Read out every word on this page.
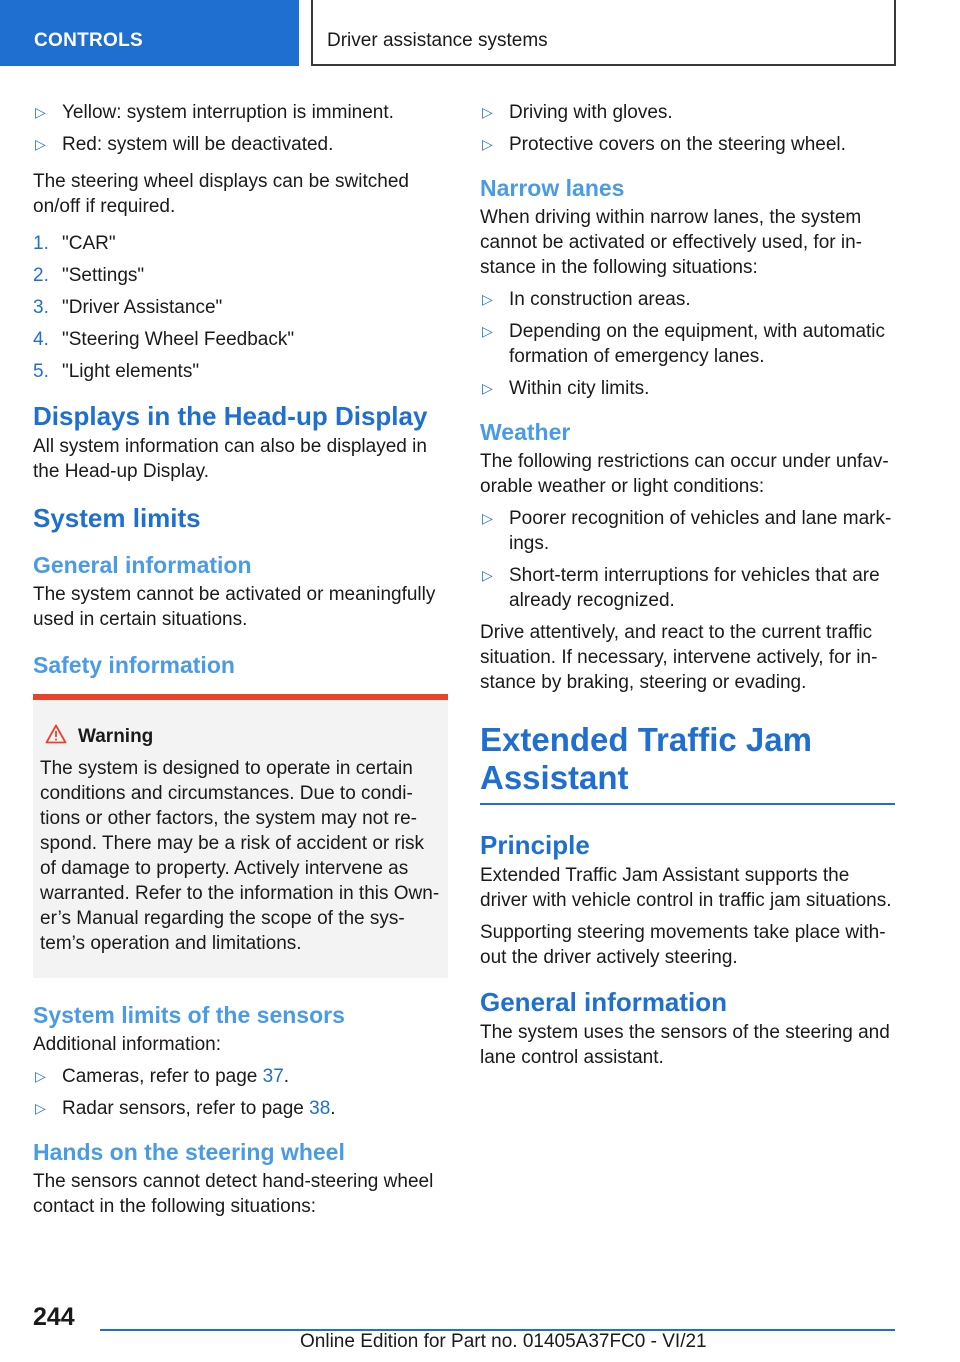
CONTROLS	Driver assistance systems
▷ Yellow: system interruption is imminent.
▷ Red: system will be deactivated.

The steering wheel displays can be switched on/off if required.

1. "CAR"
2. "Settings"
3. "Driver Assistance"
4. "Steering Wheel Feedback"
5. "Light elements"
Displays in the Head-up Display

All system information can also be displayed in the Head-up Display.

System limits
General information

The system cannot be activated or meaningfully used in certain situations.

Safety information
Warning

The system is designed to operate in certain conditions and circumstances. Due to condi‐tions or other factors, the system may not re‐spond. There may be a risk of accident or risk of damage to property. Actively intervene as warranted. Refer to the information in this Own‐er’s Manual regarding the scope of the sys‐tem’s operation and limitations.

System limits of the sensors

Additional information:

▷ Cameras, refer to page 37.
▷ Radar sensors, refer to page 38.
Hands on the steering wheel

The sensors cannot detect hand-steering wheel contact in the following situations:

▷ Driving with gloves.
▷ Protective covers on the steering wheel.
Narrow lanes

When driving within narrow lanes, the system cannot be activated or effectively used, for in‐stance in the following situations:

▷ In construction areas.
▷ Depending on the equipment, with automatic formation of emergency lanes.
▷ Within city limits.
Weather

The following restrictions can occur under unfav‐orable weather or light conditions:

▷ Poorer recognition of vehicles and lane mark‐ings.
▷ Short-term interruptions for vehicles that are already recognized.

Drive attentively, and react to the current traffic situation. If necessary, intervene actively, for in‐stance by braking, steering or evading.

Extended Traffic Jam Assistant
Principle

Extended Traffic Jam Assistant supports the driver with vehicle control in traffic jam situations.

Supporting steering movements take place with‐out the driver actively steering.

General information

The system uses the sensors of the steering and lane control assistant.

244
Online Edition for Part no. 01405A37FC0 - VI/21
